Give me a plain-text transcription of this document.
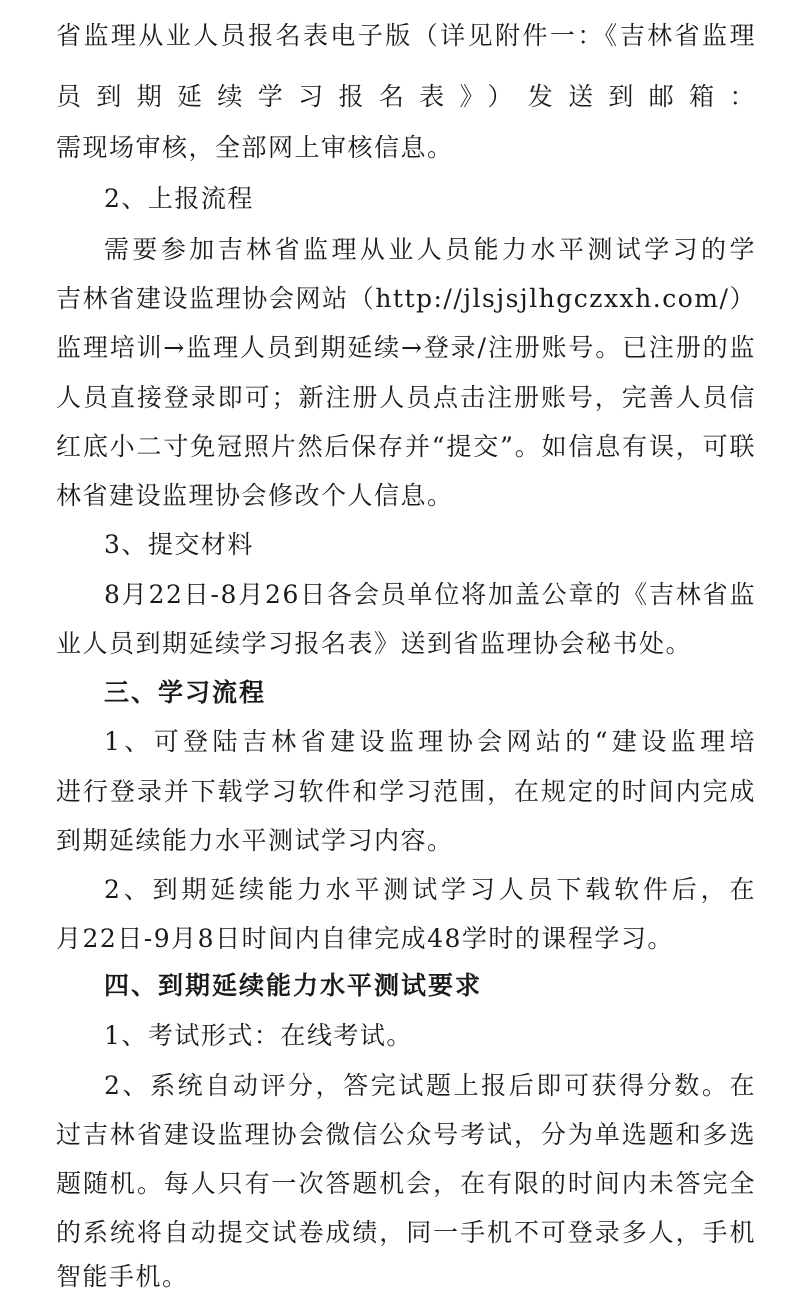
省监理从业人员报名表电子版（详见附件一：《吉林省监理
员到期延续学习报名表》）发送到邮箱：
需现场审核，全部网上审核信息。
2、上报流程
需要参加吉林省监理从业人员能力水平测试学习的学
吉林省建设监理协会网站（http://jlsjsjlhgczxxh.com/）
监理培训→监理人员到期延续→登录/注册账号。已注册的监
人员直接登录即可；新注册人员点击注册账号，完善人员信
红底小二寸免冠照片然后保存并“提交”。如信息有误，可联
林省建设监理协会修改个人信息。
3、提交材料
8月22日-8月26日各会员单位将加盖公章的《吉林省监
业人员到期延续学习报名表》送到省监理协会秘书处。
三、学习流程
1、可登陆吉林省建设监理协会网站的“建设监理培
进行登录并下载学习软件和学习范围，在规定的时间内完成
到期延续能力水平测试学习内容。
2、到期延续能力水平测试学习人员下载软件后，在
月22日-9月8日时间内自律完成48学时的课程学习。
四、到期延续能力水平测试要求
1、考试形式：在线考试。
2、系统自动评分，答完试题上报后即可获得分数。在
过吉林省建设监理协会微信公众号考试，分为单选题和多选
题随机。每人只有一次答题机会，在有限的时间内未答完全
的系统将自动提交试卷成绩，同一手机不可登录多人，手机
智能手机。
